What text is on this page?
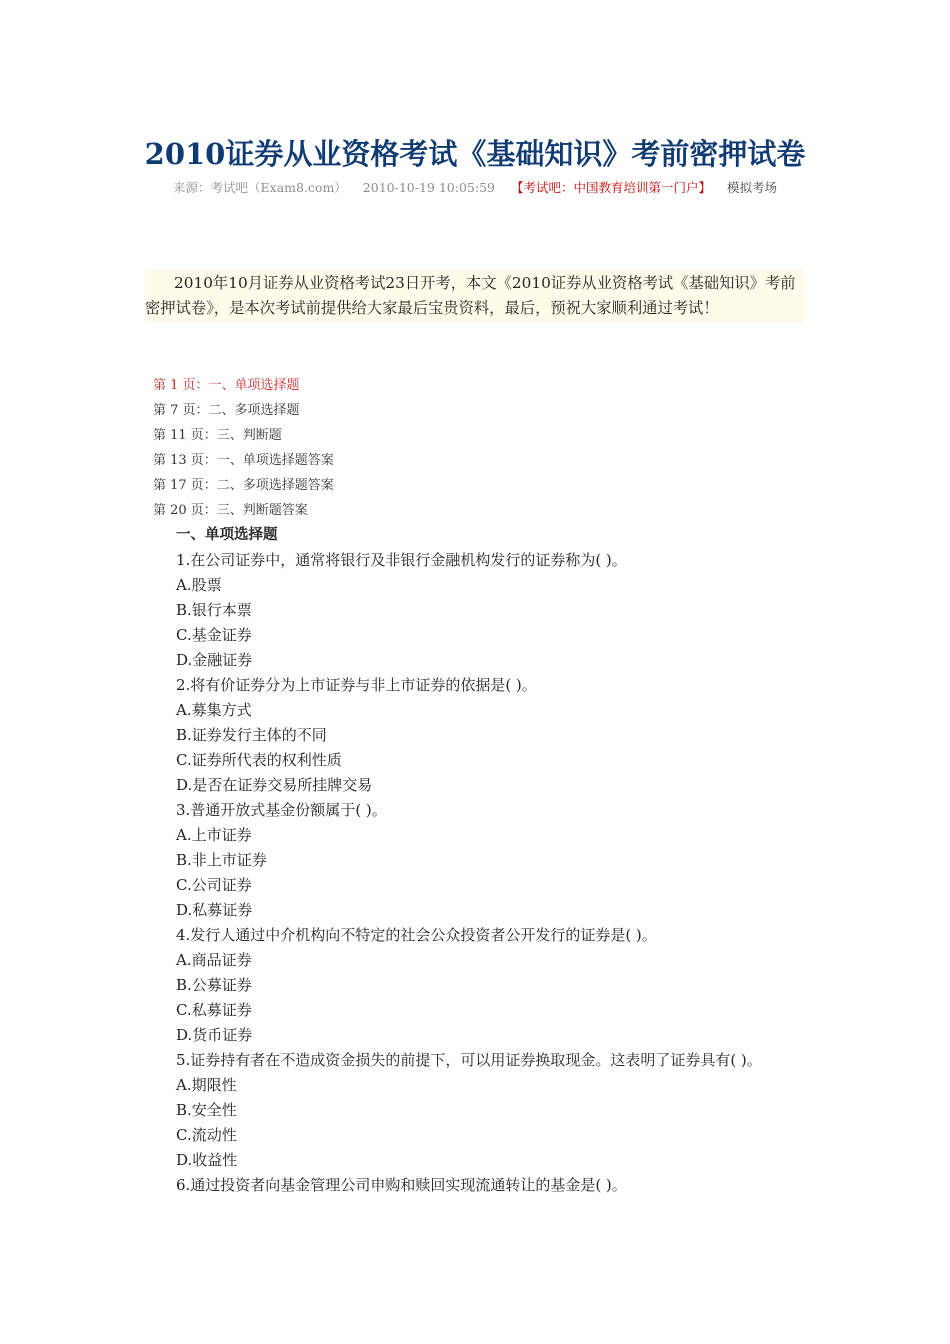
2010证券从业资格考试《基础知识》考前密押试卷
来源：考试吧（Exam8.com） 2010-10-19 10:05:59 【考试吧：中国教育培训第一门户】 模拟考场

2010年10月证券从业资格考试23日开考，本文《2010证券从业资格考试《基础知识》考前密押试卷》，是本次考试前提供给大家最后宝贵资料，最后，预祝大家顺利通过考试！

第 1 页：一、单项选择题
第 7 页：二、多项选择题
第 11 页：三、判断题
第 13 页：一、单项选择题答案
第 17 页：二、多项选择题答案
第 20 页：三、判断题答案

一、单项选择题

1.在公司证券中，通常将银行及非银行金融机构发行的证券称为( )。

A.股票

B.银行本票

C.基金证券

D.金融证券

2.将有价证券分为上市证券与非上市证券的依据是( )。

A.募集方式

B.证券发行主体的不同

C.证券所代表的权利性质

D.是否在证券交易所挂牌交易

3.普通开放式基金份额属于( )。

A.上市证券

B.非上市证券

C.公司证券

D.私募证券

4.发行人通过中介机构向不特定的社会公众投资者公开发行的证券是( )。

A.商品证券

B.公募证券

C.私募证券

D.货币证券

5.证券持有者在不造成资金损失的前提下，可以用证券换取现金。这表明了证券具有( )。

A.期限性

B.安全性

C.流动性

D.收益性

6.通过投资者向基金管理公司申购和赎回实现流通转让的基金是( )。
